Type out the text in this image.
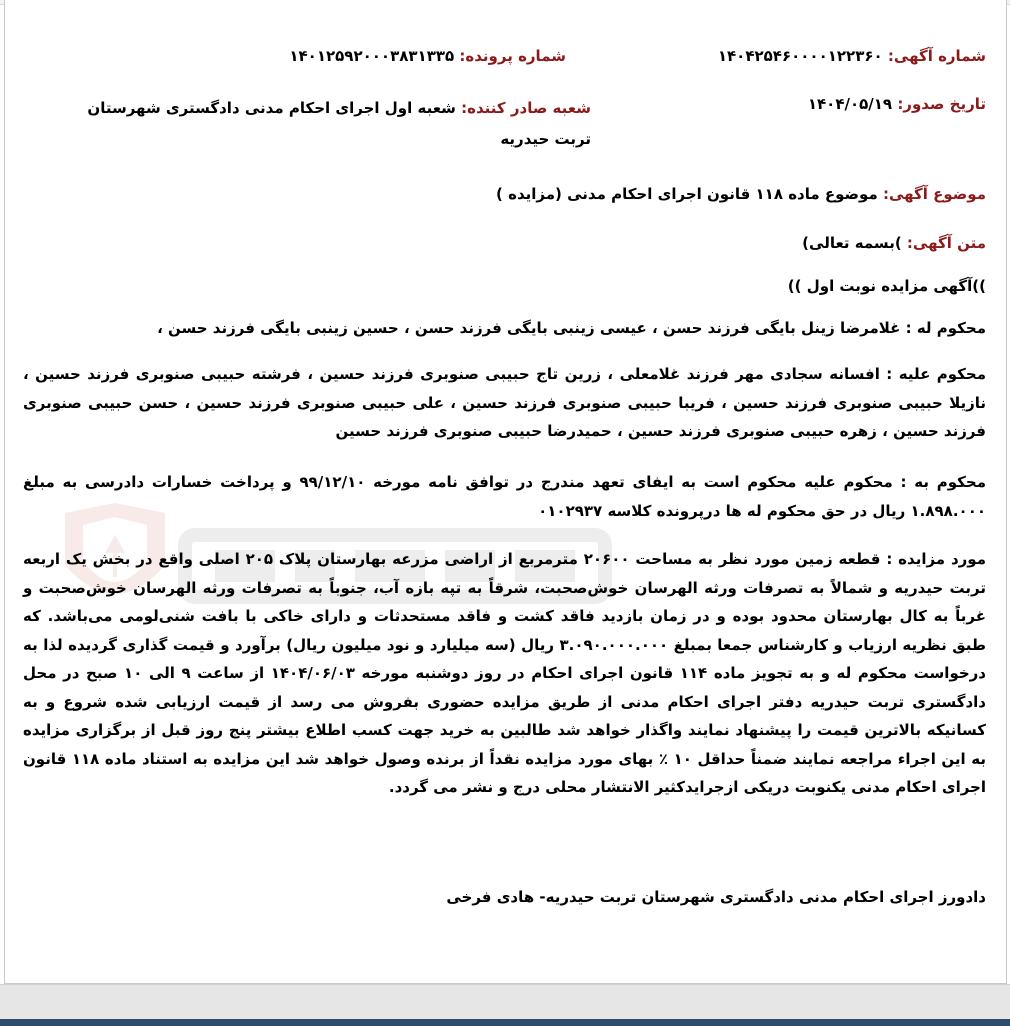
شماره آگهی: ۱۴۰۴۲۵۴۶۰۰۰۰۱۲۲۳۶۰
شماره پرونده: ۱۴۰۱۲۵۹۲۰۰۰۳۸۳۱۳۳۵
تاریخ صدور: ۱۴۰۴/۰۵/۱۹
شعبه صادر کننده: شعبه اول اجرای احکام مدنی دادگستری شهرستان تربت حیدریه
موضوع آگهی: موضوع ماده ۱۱۸ قانون اجرای احکام مدنی (مزایده )
متن آگهی: )بسمه تعالی)
))آگهی مزایده نوبت اول ))
محکوم له : غلامرضا زینل بایگی فرزند حسن ، عیسی زینبی بایگی فرزند حسن ، حسین زینبی بایگی فرزند حسن ،
محکوم علیه : افسانه سجادی مهر فرزند غلامعلی ، زرین تاج حبیبی صنوبری فرزند حسین ، فرشته حبیبی صنوبری فرزند حسین ، نازیلا حبیبی صنوبری فرزند حسین ، فریبا حبیبی صنوبری فرزند حسین ، علی حبیبی صنوبری فرزند حسین ، حسن حبیبی صنوبری فرزند حسین ، زهره حبیبی صنوبری فرزند حسین ، حمیدرضا حبیبی صنوبری فرزند حسین
محکوم به : محکوم علیه محکوم است به ایفای تعهد مندرج در توافق نامه مورخه ۹۹/۱۲/۱۰ و پرداخت خسارات دادرسی به مبلغ ۱.۸۹۸.۰۰۰ ریال در حق محکوم له ها درپرونده کلاسه ۰۱۰۲۹۳۷
مورد مزایده : قطعه زمین مورد نظر به مساحت ۲۰۶۰۰ مترمربع از اراضی مزرعه بهارستان پلاک ۲۰۵ اصلی واقع در بخش یک اربعه تربت حیدریه و شمالاً به تصرفات ورثه الهرسان خوش‌صحبت، شرقاً به تپه بازه آب، جنوباً به تصرفات ورثه الهرسان خوش‌صحبت و غرباً به کال بهارستان محدود بوده و در زمان بازدید فاقد کشت و فاقد مستحدثات و دارای خاکی با بافت شنی‌لومی می‌باشد. که طبق نظریه ارزیاب و کارشناس جمعا بمبلغ ۳.۰۹۰.۰۰۰.۰۰۰ ریال (سه میلیارد و نود میلیون ریال) برآورد و قیمت گذاری گردیده لذا به درخواست محکوم له و به تجویز ماده ۱۱۴ قانون اجرای احکام در روز دوشنبه مورخه ۱۴۰۴/۰۶/۰۳ از ساعت ۹ الی ۱۰ صبح در محل دادگستری تربت حیدریه دفتر اجرای احکام مدنی از طریق مزایده حضوری بفروش می رسد از قیمت ارزیابی شده شروع و به کسانیکه بالاترین قیمت را پیشنهاد نمایند واگذار خواهد شد طالبین به خرید جهت کسب اطلاع بیشتر پنج روز قبل از برگزاری مزایده به این اجراء مراجعه نمایند ضمناً حداقل ۱۰ ٪ بهای مورد مزایده نقداً از برنده وصول خواهد شد این مزایده به استناد ماده ۱۱۸ قانون اجرای احکام مدنی یکنوبت دریکی ازجرایدکثیر الانتشار محلی درج و نشر می گردد.
دادورز اجرای احکام مدنی دادگستری شهرستان تربت حیدریه- هادی فرخی
